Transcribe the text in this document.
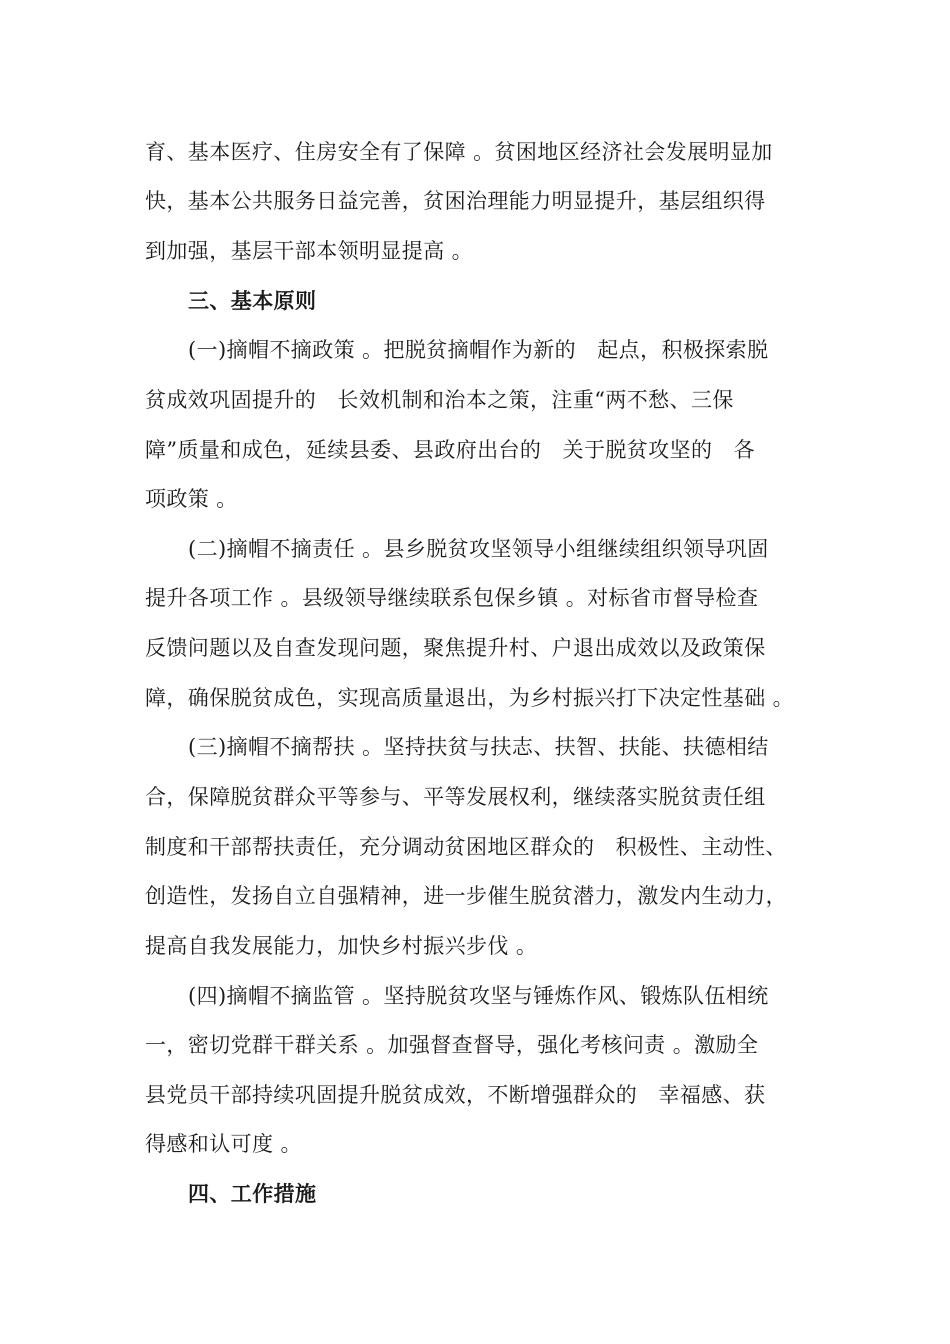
育、基本医疗、住房安全有了保障 。贫困地区经济社会发展明显加
快，基本公共服务日益完善，贫困治理能力明显提升，基层组织得
到加强，基层干部本领明显提高 。
三、基本原则
(一)摘帽不摘政策 。把脱贫摘帽作为新的   起点，积极探索脱
贫成效巩固提升的   长效机制和治本之策，注重“两不愁、三保
障”质量和成色，延续县委、县政府出台的   关于脱贫攻坚的   各
项政策 。
(二)摘帽不摘责任 。县乡脱贫攻坚领导小组继续组织领导巩固
提升各项工作 。县级领导继续联系包保乡镇 。对标省市督导检查
反馈问题以及自查发现问题，聚焦提升村、户退出成效以及政策保
障，确保脱贫成色，实现高质量退出，为乡村振兴打下决定性基础 。
(三)摘帽不摘帮扶 。坚持扶贫与扶志、扶智、扶能、扶德相结
合，保障脱贫群众平等参与、平等发展权利，继续落实脱贫责任组
制度和干部帮扶责任，充分调动贫困地区群众的   积极性、主动性、
创造性，发扬自立自强精神，进一步催生脱贫潜力，激发内生动力，
提高自我发展能力，加快乡村振兴步伐 。
(四)摘帽不摘监管 。坚持脱贫攻坚与锤炼作风、锻炼队伍相统
一，密切党群干群关系 。加强督查督导，强化考核问责 。激励全
县党员干部持续巩固提升脱贫成效，不断增强群众的   幸福感、获
得感和认可度 。
四、工作措施
